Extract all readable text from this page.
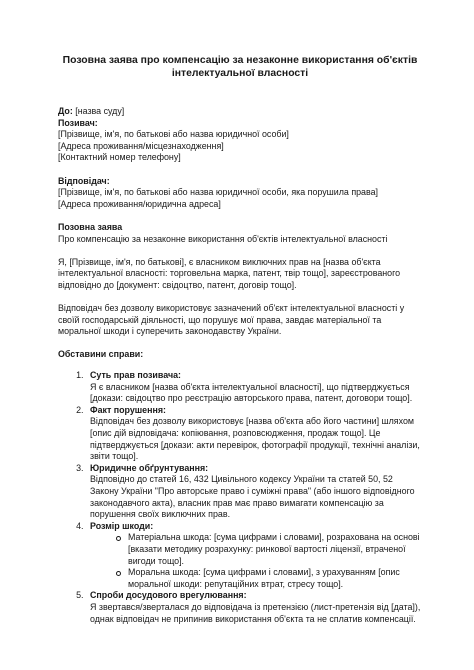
Позовна заява про компенсацію за незаконне використання об'єктів інтелектуальної власності

До: [назва суду]

Позивач:

[Прізвище, ім'я, по батькові або назва юридичної особи]

[Адреса проживання/місцезнаходження]

[Контактний номер телефону]

Відповідач:

[Прізвище, ім'я, по батькові або назва юридичної особи, яка порушила права]

[Адреса проживання/юридична адреса]

Позовна заява

Про компенсацію за незаконне використання об'єктів інтелектуальної власності

Я, [Прізвище, ім'я, по батькові], є власником виключних прав на [назва об'єкта інтелектуальної власності: торговельна марка, патент, твір тощо], зареєстрованого відповідно до [документ: свідоцтво, патент, договір тощо].

Відповідач без дозволу використовує зазначений об'єкт інтелектуальної власності у своїй господарській діяльності, що порушує мої права, завдає матеріальної та моральної шкоди і суперечить законодавству України.

Обставини справи:

1. Суть прав позивача:
Я є власником [назва об'єкта інтелектуальної власності], що підтверджується [докази: свідоцтво про реєстрацію авторського права, патент, договори тощо].
2. Факт порушення:
Відповідач без дозволу використовує [назва об'єкта або його частини] шляхом [опис дій відповідача: копіювання, розповсюдження, продаж тощо]. Це підтверджується [докази: акти перевірок, фотографії продукції, технічні аналізи, звіти тощо].
3. Юридичне обґрунтування:
Відповідно до статей 16, 432 Цивільного кодексу України та статей 50, 52 Закону України "Про авторське право і суміжні права" (або іншого відповідного законодавчого акта), власник прав має право вимагати компенсацію за порушення своїх виключних прав.
4. Розмір шкоди:
Матеріальна шкода: [сума цифрами і словами], розрахована на основі [вказати методику розрахунку: ринкової вартості ліцензії, втраченої вигоди тощо].
Моральна шкода: [сума цифрами і словами], з урахуванням [опис моральної шкоди: репутаційних втрат, стресу тощо].
5. Спроби досудового врегулювання:
Я звертався/зверталася до відповідача із претензією (лист-претензія від [дата]), однак відповідач не припинив використання об'єкта та не сплатив компенсації.
